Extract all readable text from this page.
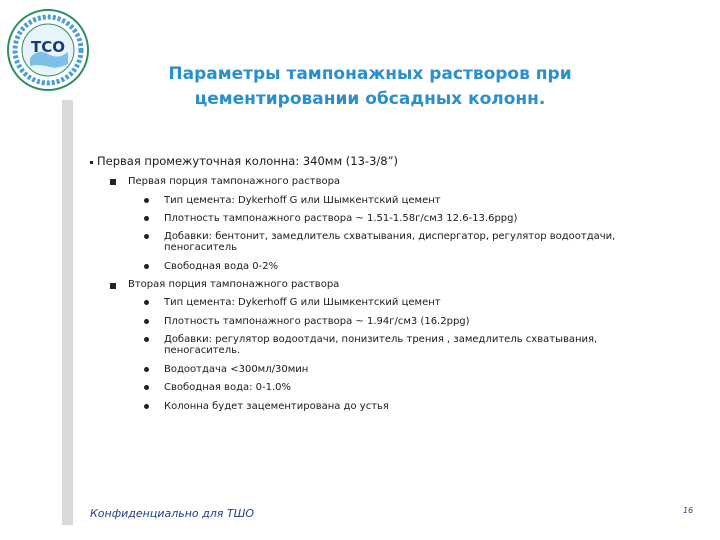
ТСО
Параметры тампонажных растворов при
цементировании обсадных колонн.
Первая промежуточная колонна: 340мм (13-3/8”)
Первая порция тампонажного раствора
Тип цемента: Dykerhoff G или Шымкентский цемент
Плотность тампонажного раствора ~ 1.51-1.58г/см3 12.6-13.6ppg)
Добавки: бентонит, замедлитель схватывания, диспергатор, регулятор водоотдачи,
пеногаситель
Свободная вода 0-2%
Вторая порция тампонажного раствора
Тип цемента: Dykerhoff G или Шымкентский цемент
Плотность тампонажного раствора ~ 1.94г/см3 (16.2ppg)
Добавки: регулятор водоотдачи, понизитель трения , замедлитель схватывания,
пеногаситель.
Водоотдача <300мл/30мин
Свободная вода: 0-1.0%
Колонна будет зацементирована до устья
Конфиденциально для ТШО	16
